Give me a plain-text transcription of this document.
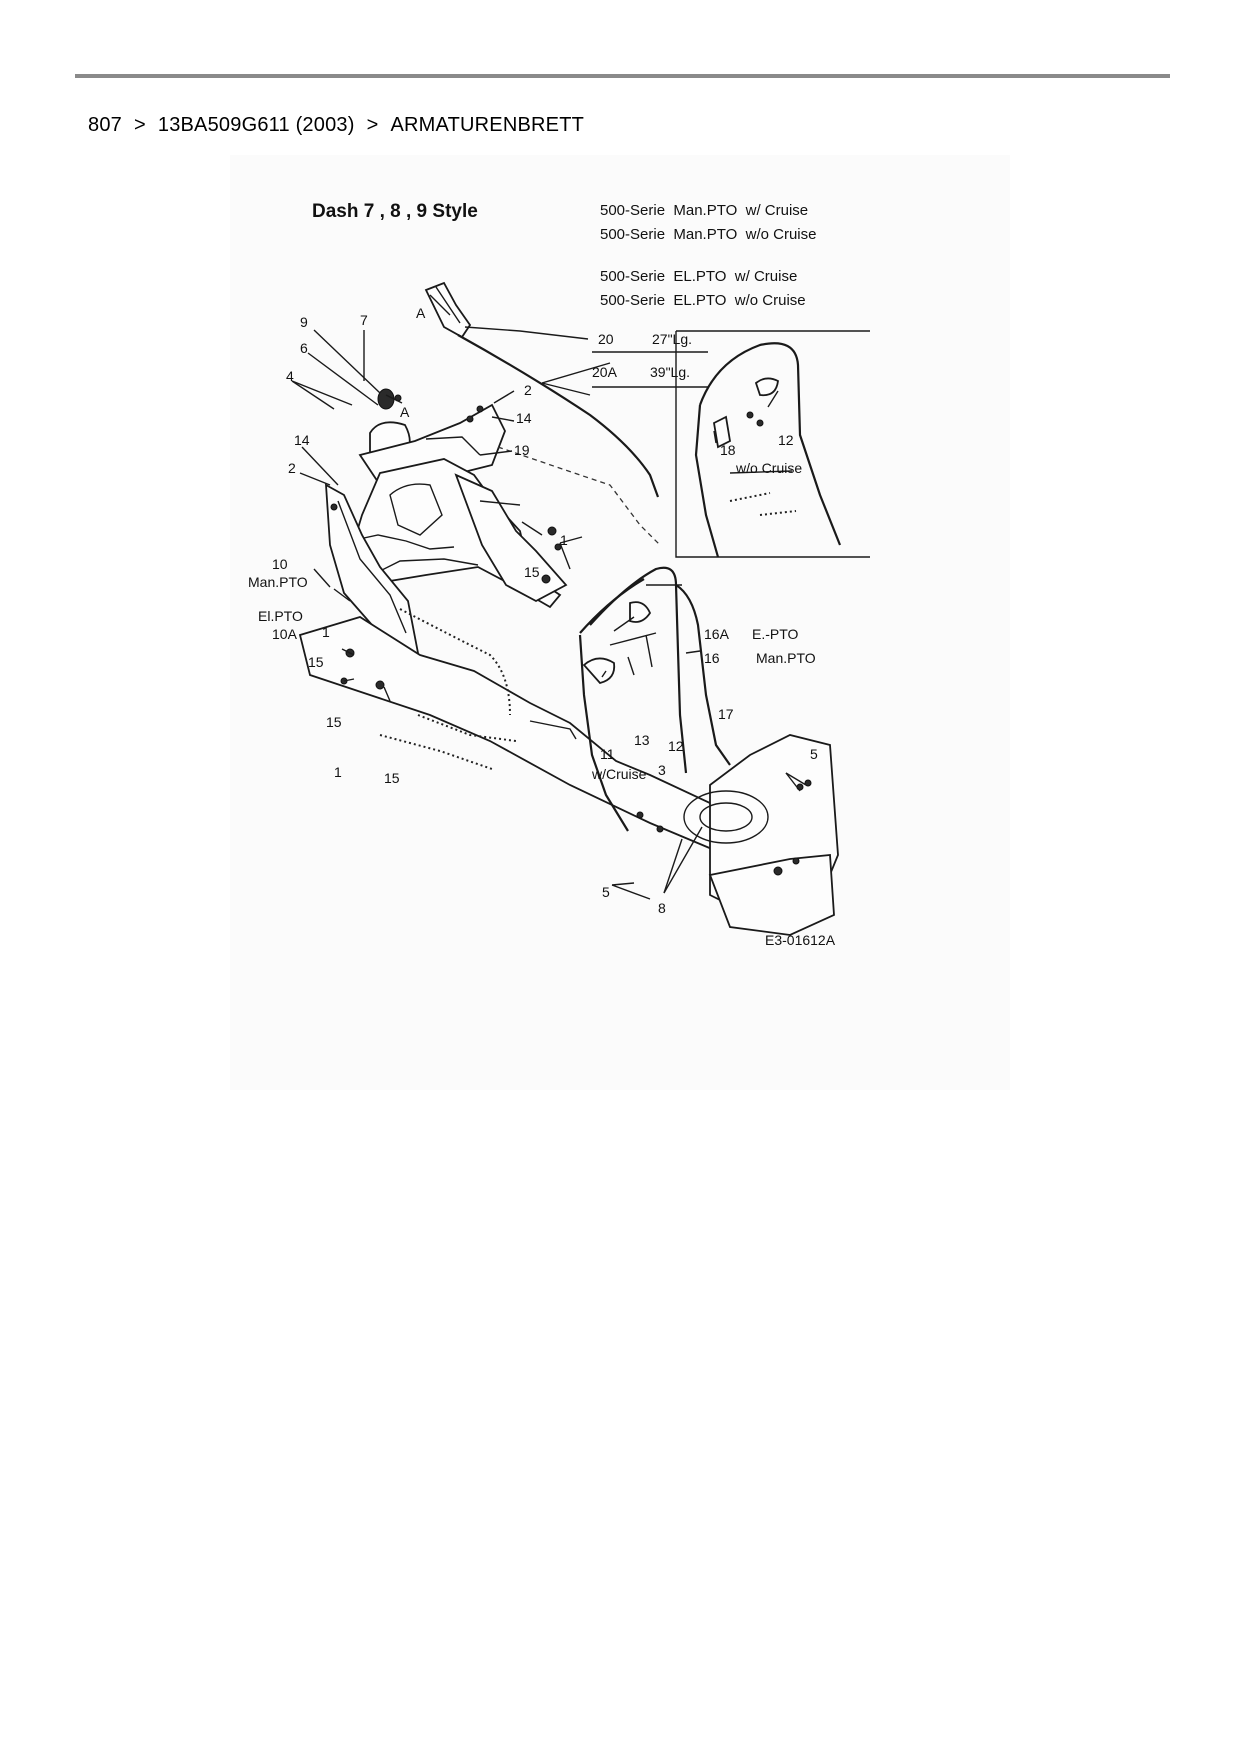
807 > 13BA509G611 (2003) > ARMATURENBRETT
Dash 7 , 8 , 9 Style	500-Serie  Man.PTO  w/ Cruise
500-Serie  Man.PTO  w/o Cruise
500-Serie  EL.PTO  w/ Cruise
500-Serie  EL.PTO  w/o Cruise
20	27"Lg.
20A 39"Lg.
A
w/o Cruise
9	7
6
A
4
2
14
14
2
19
10
Man.PTO
El.PTO
10A 1
15
15
1
15
1	15
16A E.-PTO
16	Man.PTO
17
12
13
11
3
w/Cruise
12
18
5
5
8
E3-01612A
